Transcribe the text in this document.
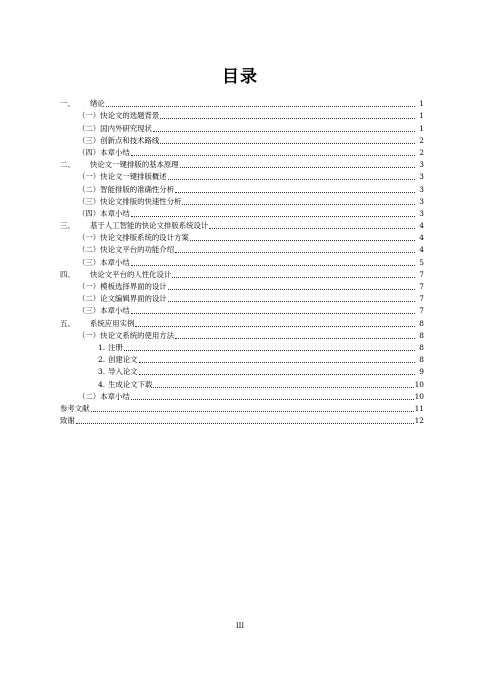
目录
一、	绪论	1
（一）快论文的选题背景	1
（二）国内外研究现状	1
（三）创新点和技术路线	2
（四）本章小结	2
二、	快论文一键排版的基本原理	3
（一）快论文一键排版概述	3
（二）智能排版的准确性分析	3
（三）快论文排版的快速性分析	3
（四）本章小结	3
三、	基于人工智能的快论文排版系统设计	4
（一）快论文排版系统的设计方案	4
（二）快论文平台的功能介绍	4
（三）本章小结	5
四、	快论文平台的人性化设计	7
（一）模板选择界面的设计	7
（二）论文编辑界面的设计	7
（三）本章小结	7
五、	系统应用实例	8
（一）快论文系统的使用方法	8
1. 注册	8
2. 创建论文	8
3. 导入论文	9
4. 生成论文下载	10
（二）本章小结	10
参考文献	11
致谢	12
III
